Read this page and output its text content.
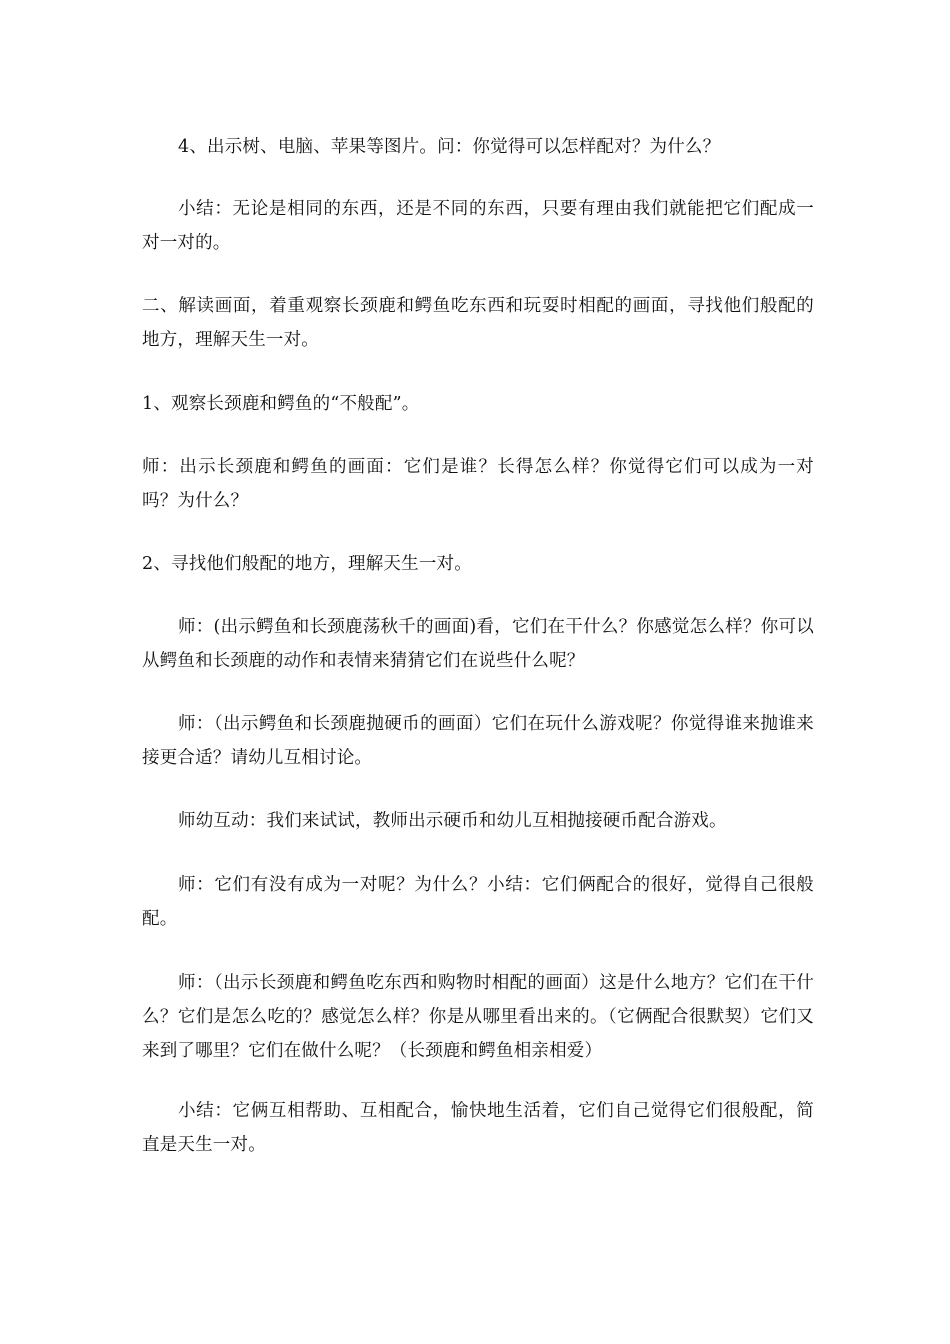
4、出示树、电脑、苹果等图片。问：你觉得可以怎样配对？为什么？

小结：无论是相同的东西，还是不同的东西，只要有理由我们就能把它们配成一对一对的。

二、解读画面，着重观察长颈鹿和鳄鱼吃东西和玩耍时相配的画面，寻找他们般配的地方，理解天生一对。

1、观察长颈鹿和鳄鱼的“不般配”。

师：出示长颈鹿和鳄鱼的画面：它们是谁？长得怎么样？你觉得它们可以成为一对吗？为什么？

2、寻找他们般配的地方，理解天生一对。

师：(出示鳄鱼和长颈鹿荡秋千的画面)看，它们在干什么？你感觉怎么样？你可以从鳄鱼和长颈鹿的动作和表情来猜猜它们在说些什么呢？

师：（出示鳄鱼和长颈鹿抛硬币的画面）它们在玩什么游戏呢？你觉得谁来抛谁来接更合适？请幼儿互相讨论。

师幼互动：我们来试试，教师出示硬币和幼儿互相抛接硬币配合游戏。

师：它们有没有成为一对呢？为什么？小结：它们俩配合的很好，觉得自己很般配。

师：（出示长颈鹿和鳄鱼吃东西和购物时相配的画面）这是什么地方？它们在干什么？它们是怎么吃的？感觉怎么样？你是从哪里看出来的。（它俩配合很默契）它们又来到了哪里？它们在做什么呢？（长颈鹿和鳄鱼相亲相爱）

小结：它俩互相帮助、互相配合，愉快地生活着，它们自己觉得它们很般配，简直是天生一对。
